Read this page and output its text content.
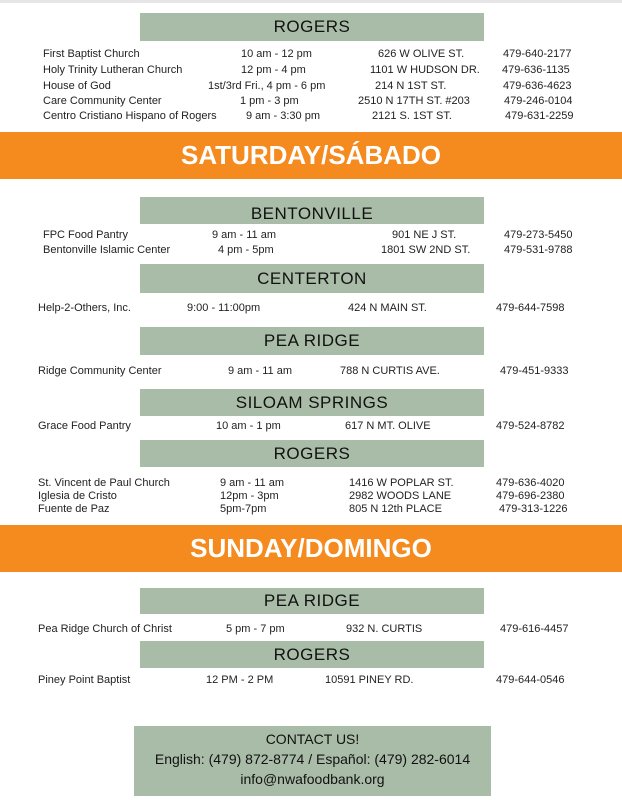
ROGERS
First Baptist Church	10 am - 12 pm	626 W OLIVE ST.	479-640-2177
Holy Trinity Lutheran Church	12 pm - 4 pm	1101 W HUDSON DR. 479-636-1135
House of God	1st/3rd Fri., 4 pm - 6 pm	214 N 1ST ST.	479-636-4623
Care Community Center	1 pm - 3 pm	2510 N 17TH ST. #203	479-246-0104
Centro Cristiano Hispano of Rogers	9 am - 3:30 pm	2121 S. 1ST ST.	479-631-2259
SATURDAY/SÁBADO
BENTONVILLE
FPC Food Pantry	9 am - 11 am	901 NE J ST.	479-273-5450
Bentonville Islamic Center	4 pm - 5pm	1801 SW 2ND ST.	479-531-9788
CENTERTON
Help-2-Others, Inc.	9:00 - 11:00pm	424 N MAIN ST.	479-644-7598
PEA RIDGE
Ridge Community Center	9 am - 11 am	788 N CURTIS AVE.	479-451-9333
SILOAM SPRINGS
Grace Food Pantry	10 am - 1 pm	617 N MT. OLIVE	479-524-8782
ROGERS
St. Vincent de Paul Church	9 am - 11 am	1416 W POPLAR ST.	479-636-4020
Iglesia de Cristo	12pm - 3pm	2982 WOODS LANE	479-696-2380
Fuente de Paz	5pm-7pm	805 N 12th PLACE	479-313-1226
SUNDAY/DOMINGO
PEA RIDGE
Pea Ridge Church of Christ	5 pm - 7 pm	932 N. CURTIS	479-616-4457
ROGERS
Piney Point Baptist	12 PM - 2 PM	10591 PINEY RD.	479-644-0546
CONTACT US!
English: (479) 872-8774 / Español: (479) 282-6014
info@nwafoodbank.org
